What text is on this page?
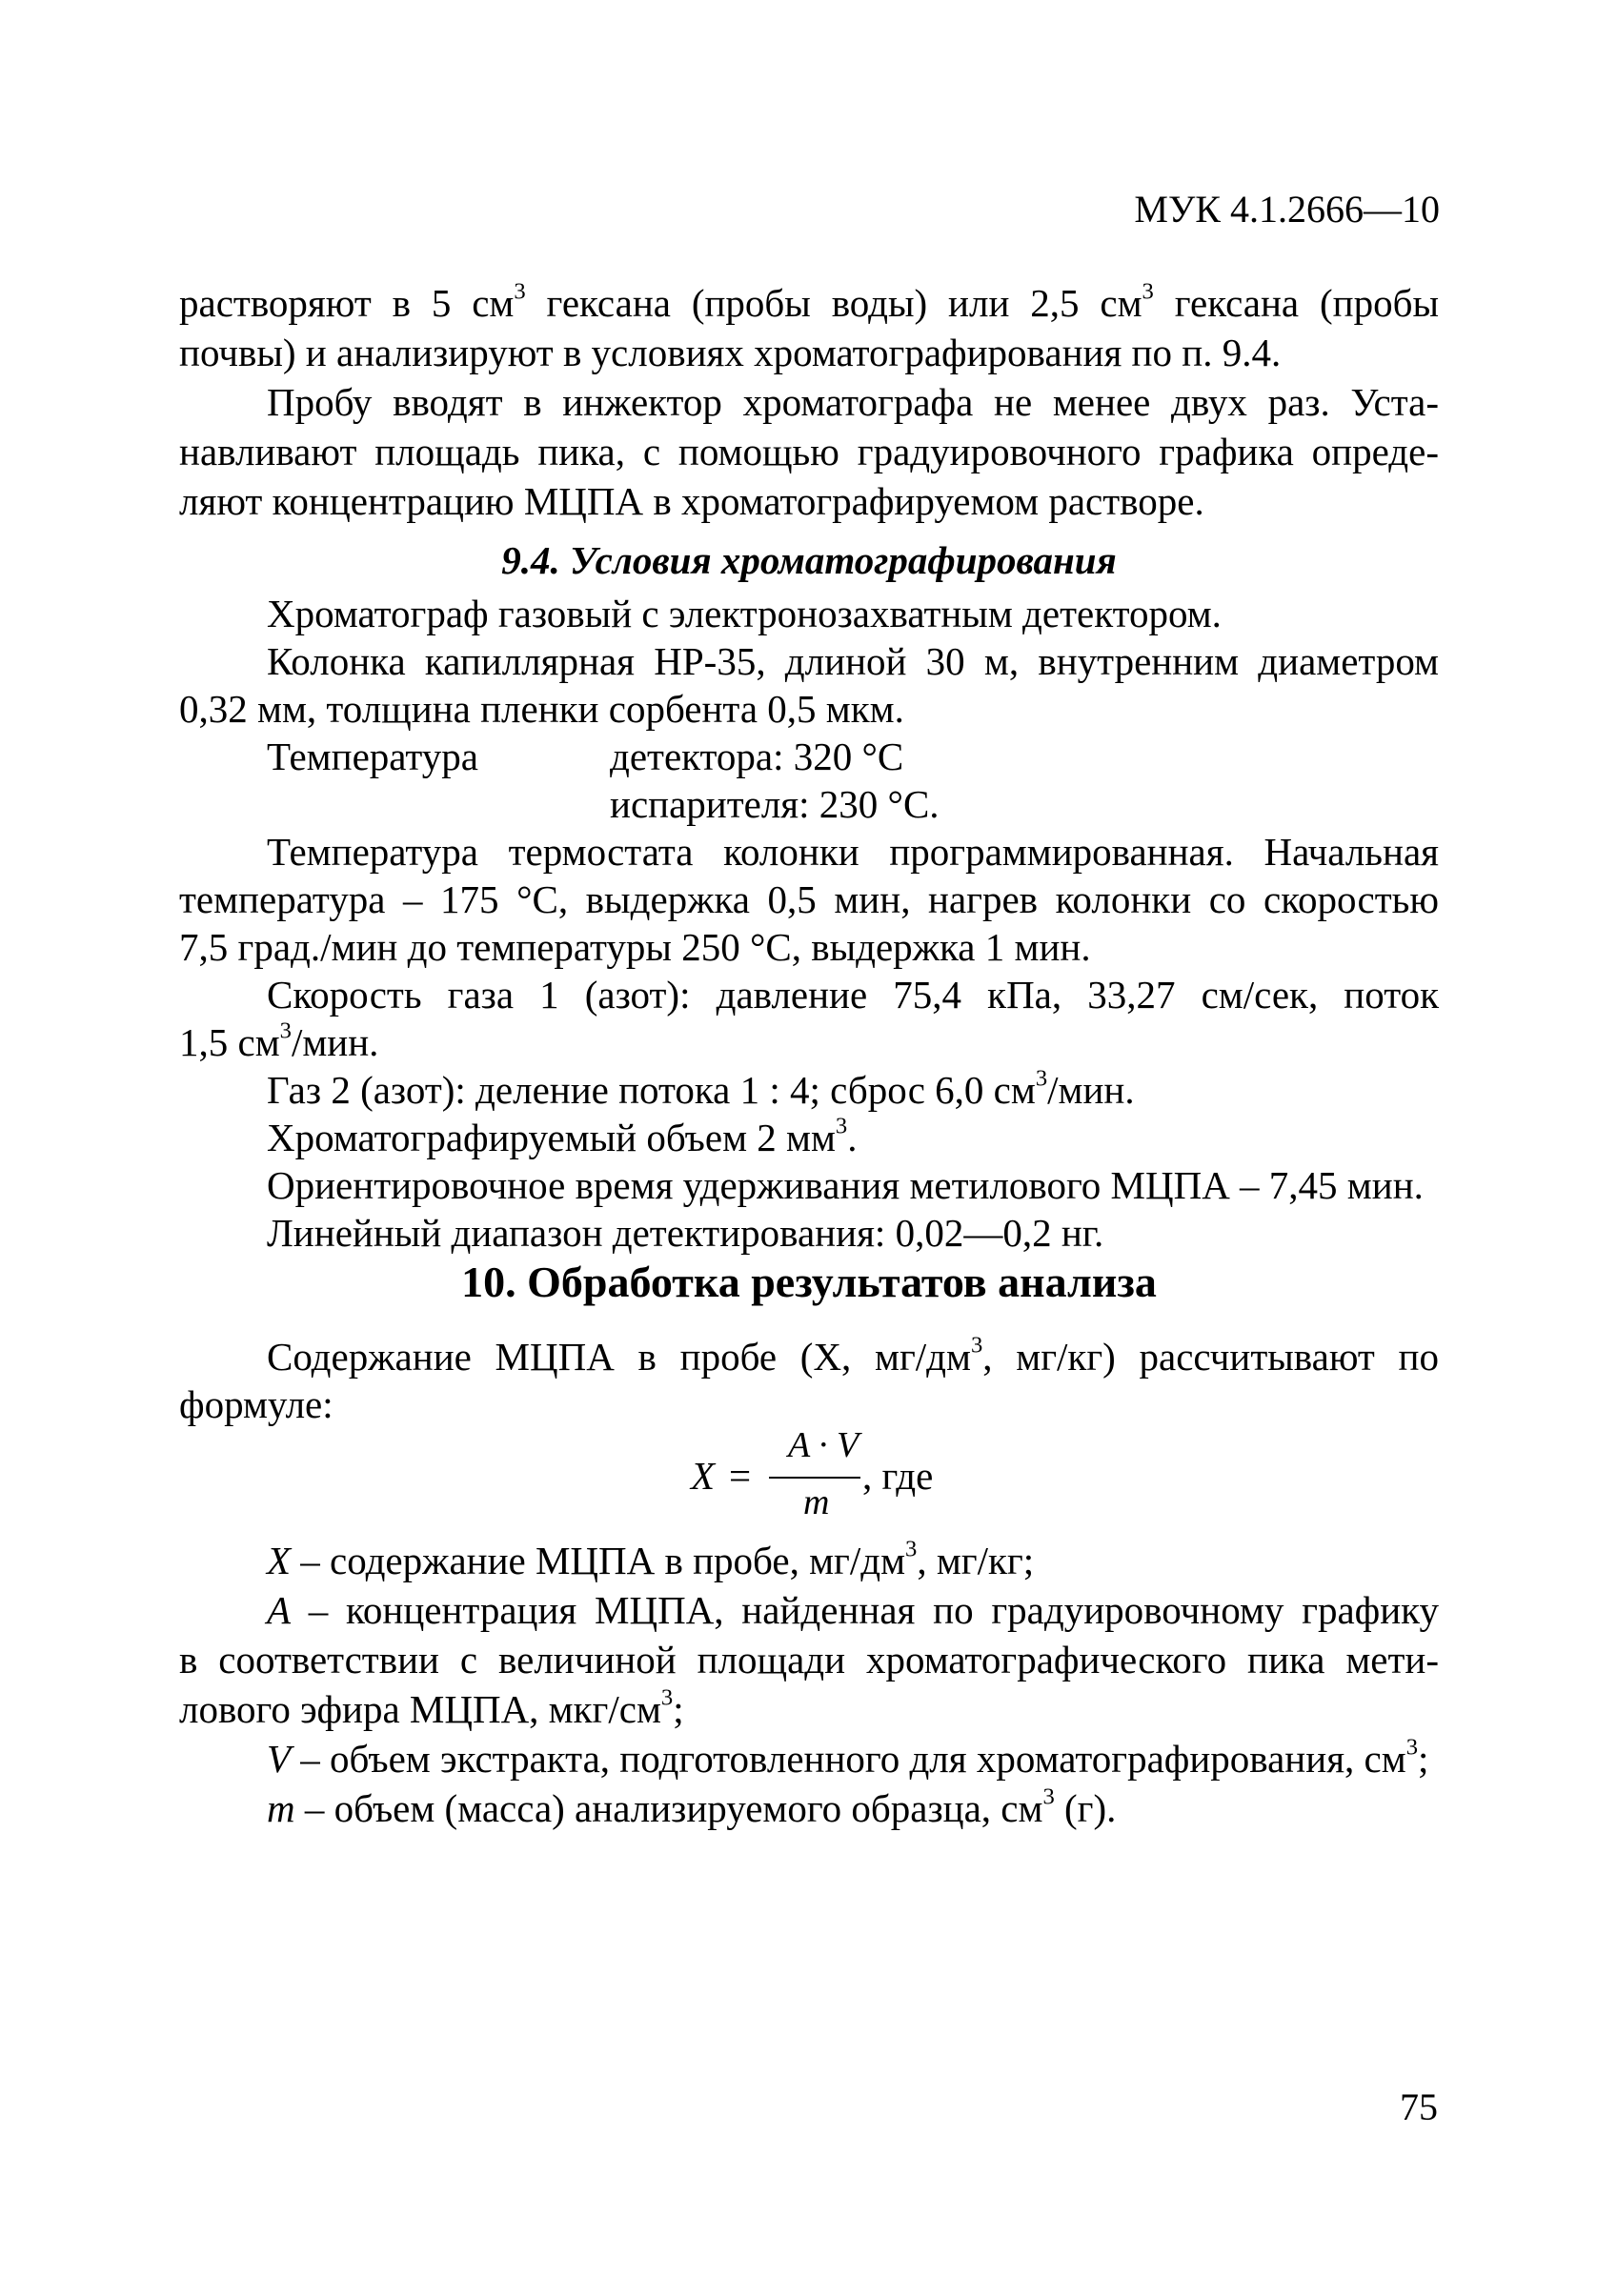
МУК 4.1.2666—10
растворяют в 5 $см^3$ гексана (пробы воды) или 2,5 $см^3$ гексана (пробы
почвы) и анализируют в условиях хроматографирования по п. 9.4.
Пробу вводят в инжектор хроматографа не менее двух раз. Уста-
навливают площадь пика, с помощью градуировочного графика опреде-
ляют концентрацию МЦПА в хроматографируемом растворе.
9.4. Условия хроматографирования
Хроматограф газовый с электронозахватным детектором.
Колонка капиллярная HP-35, длиной 30 м, внутренним диаметром
0,32 мм, толщина пленки сорбента 0,5 мкм.
Температура	детектора: 320 °С
испарителя: 230 °С.
Температура термостата колонки программированная. Начальная
температура – 175 °С, выдержка 0,5 мин, нагрев колонки со скоростью
7,5 град./мин до температуры 250 °С, выдержка 1 мин.
Скорость газа 1 (азот): давление 75,4 кПа, 33,27 см/сек, поток
1,5 $см^3$/мин.
Газ 2 (азот): деление потока 1 : 4; сброс 6,0 $см^3$/мин.
Хроматографируемый объем 2 $мм^3$.
Ориентировочное время удерживания метилового МЦПА – 7,45 мин.
Линейный диапазон детектирования: 0,02—0,2 нг.
10. Обработка результатов анализа
Содержание МЦПА в пробе (X, $мг/дм^3$, мг/кг) рассчитывают по
формуле:
X =
A · V
m
, где
X – содержание МЦПА в пробе, $мг/дм^3$, мг/кг;
A – концентрация МЦПА, найденная по градуировочному графику
в соответствии с величиной площади хроматографического пика мети-
лового эфира МЦПА, мкг/$см^3$;
V – объем экстракта, подготовленного для хроматографирования, $см^3$;
m – объем (масса) анализируемого образца, $см^3$ (г).
75
